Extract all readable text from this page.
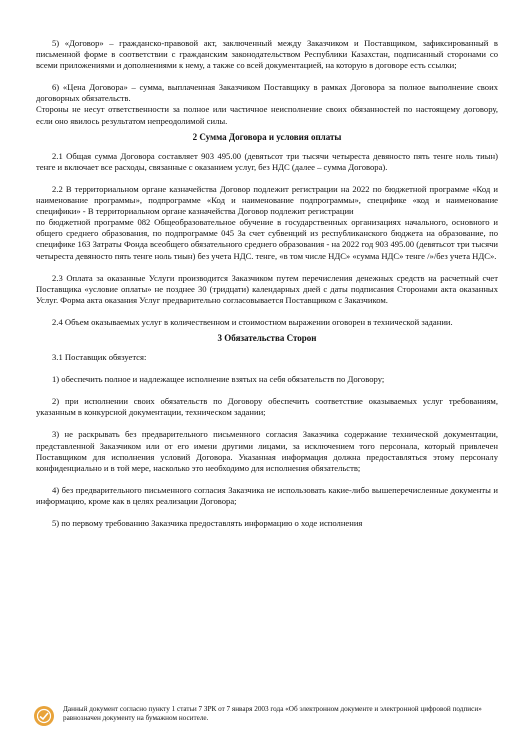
5) «Договор» – гражданско-правовой акт, заключенный между Заказчиком и Поставщиком, зафиксированный в письменной форме в соответствии с гражданским законодательством Республики Казахстан, подписанный сторонами со всеми приложениями и дополнениями к нему, а также со всей документацией, на которую в договоре есть ссылки;

6) «Цена Договора» – сумма, выплаченная Заказчиком Поставщику в рамках Договора за полное выполнение своих договорных обязательств.

Стороны не несут ответственности за полное или частичное неисполнение своих обязанностей по настоящему договору, если оно явилось результатом непреодолимой силы.

2 Сумма Договора и условия оплаты

2.1 Общая сумма Договора составляет 903 495.00 (девятьсот три тысячи четыреста девяносто пять тенге ноль тиын) тенге и включает все расходы, связанные с оказанием услуг, без НДС (далее – сумма Договора).

2.2 В территориальном органе казначейства Договор подлежит регистрации на 2022 по бюджетной программе «Код и наименование программы», подпрограмме «Код и наименование подпрограммы», специфике «код и наименование специфики» - В территориальном органе казначейства Договор подлежит регистрации

по бюджетной программе 082 Общеобразовательное обучение в государственных организациях начального, основного и общего среднего образования, по подпрограмме 045 За счет субвенций из республиканского бюджета на образование, по специфике 163 Затраты Фонда всеобщего обязательного среднего образования - на 2022 год 903 495.00 (девятьсот три тысячи четыреста девяносто пять тенге ноль тиын) без учета НДС. тенге, «в том числе НДС» «сумма НДС» тенге /»/без учета НДС».

2.3 Оплата за оказанные Услуги производится Заказчиком путем перечисления денежных средств на расчетный счет Поставщика «условие оплаты» не позднее 30 (тридцати) календарных дней с даты подписания Сторонами акта оказанных Услуг. Форма акта оказания Услуг предварительно согласовывается Поставщиком с Заказчиком.

2.4 Объем оказываемых услуг в количественном и стоимостном выражении оговорен в технической задании.

3 Обязательства Сторон

3.1 Поставщик обязуется:

1) обеспечить полное и надлежащее исполнение взятых на себя обязательств по Договору;

2) при исполнении своих обязательств по Договору обеспечить соответствие оказываемых услуг требованиям, указанным в конкурсной документации, техническом задании;

3) не раскрывать без предварительного письменного согласия Заказчика содержание технической документации, представленной Заказчиком или от его имени другими лицами, за исключением того персонала, который привлечен Поставщиком для исполнения условий Договора. Указанная информация должна предоставляться этому персоналу конфиденциально и в той мере, насколько это необходимо для исполнения обязательств;

4) без предварительного письменного согласия Заказчика не использовать какие-либо вышеперечисленные документы и информацию, кроме как в целях реализации Договора;

5) по первому требованию Заказчика предоставлять информацию о ходе исполнения

Данный документ согласно пункту 1 статьи 7 ЗРК от 7 января 2003 года «Об электронном документе и электронной цифровой подписи» равнозначен документу на бумажном носителе.
